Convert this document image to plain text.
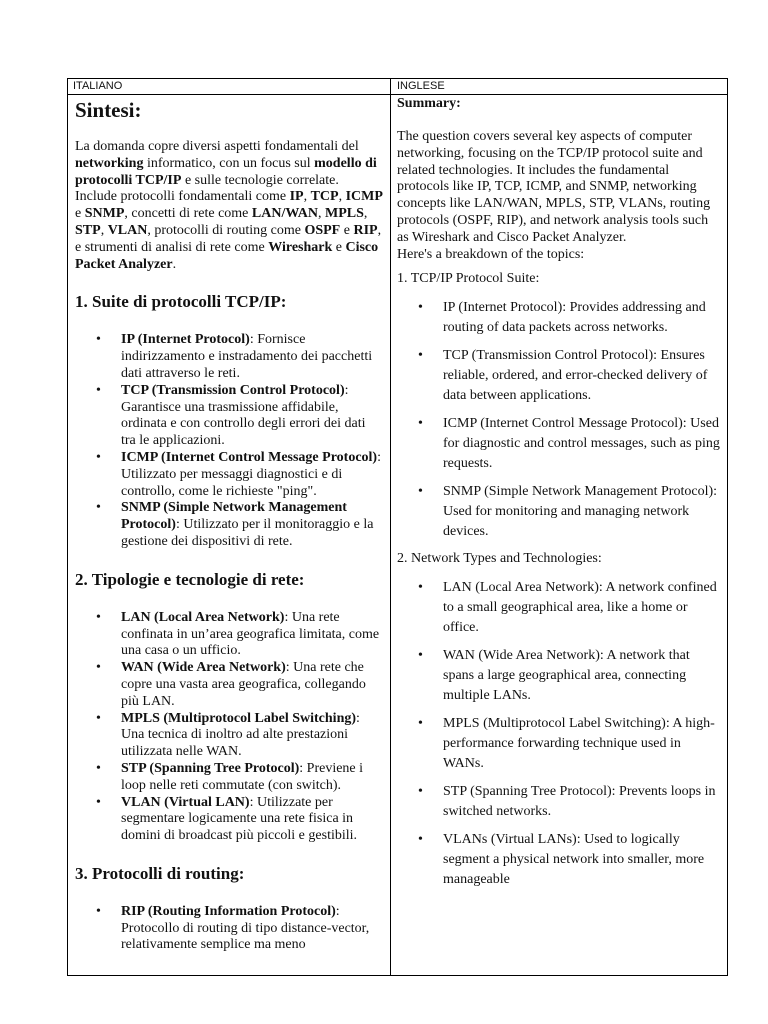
ITALIANO	INGLESE

Sintesi:

La domanda copre diversi aspetti fondamentali del networking informatico, con un focus sul modello di protocolli TCP/IP e sulle tecnologie correlate. Include protocolli fondamentali come IP, TCP, ICMP e SNMP, concetti di rete come LAN/WAN, MPLS, STP, VLAN, protocolli di routing come OSPF e RIP, e strumenti di analisi di rete come Wireshark e Cisco Packet Analyzer.

1. Suite di protocolli TCP/IP:

• IP (Internet Protocol): Fornisce indirizzamento e instradamento dei pacchetti dati attraverso le reti.
• TCP (Transmission Control Protocol): Garantisce una trasmissione affidabile, ordinata e con controllo degli errori dei dati tra le applicazioni.
• ICMP (Internet Control Message Protocol): Utilizzato per messaggi diagnostici e di controllo, come le richieste "ping".
• SNMP (Simple Network Management Protocol): Utilizzato per il monitoraggio e la gestione dei dispositivi di rete.

2. Tipologie e tecnologie di rete:

• LAN (Local Area Network): Una rete confinata in un’area geografica limitata, come una casa o un ufficio.
• WAN (Wide Area Network): Una rete che copre una vasta area geografica, collegando più LAN.
• MPLS (Multiprotocol Label Switching): Una tecnica di inoltro ad alte prestazioni utilizzata nelle WAN.
• STP (Spanning Tree Protocol): Previene i loop nelle reti commutate (con switch).
• VLAN (Virtual LAN): Utilizzate per segmentare logicamente una rete fisica in domini di broadcast più piccoli e gestibili.

3. Protocolli di routing:

• RIP (Routing Information Protocol): Protocollo di routing di tipo distance-vector, relativamente semplice ma meno

Summary:

The question covers several key aspects of computer networking, focusing on the TCP/IP protocol suite and related technologies. It includes the fundamental protocols like IP, TCP, ICMP, and SNMP, networking concepts like LAN/WAN, MPLS, STP, VLANs, routing protocols (OSPF, RIP), and network analysis tools such as Wireshark and Cisco Packet Analyzer.

Here's a breakdown of the topics:

1. TCP/IP Protocol Suite:

• IP (Internet Protocol): Provides addressing and routing of data packets across networks.
• TCP (Transmission Control Protocol): Ensures reliable, ordered, and error-checked delivery of data between applications.
• ICMP (Internet Control Message Protocol): Used for diagnostic and control messages, such as ping requests.
• SNMP (Simple Network Management Protocol): Used for monitoring and managing network devices.

2. Network Types and Technologies:

• LAN (Local Area Network): A network confined to a small geographical area, like a home or office.
• WAN (Wide Area Network): A network that spans a large geographical area, connecting multiple LANs.
• MPLS (Multiprotocol Label Switching): A high-performance forwarding technique used in WANs.
• STP (Spanning Tree Protocol): Prevents loops in switched networks.
• VLANs (Virtual LANs): Used to logically segment a physical network into smaller, more manageable
